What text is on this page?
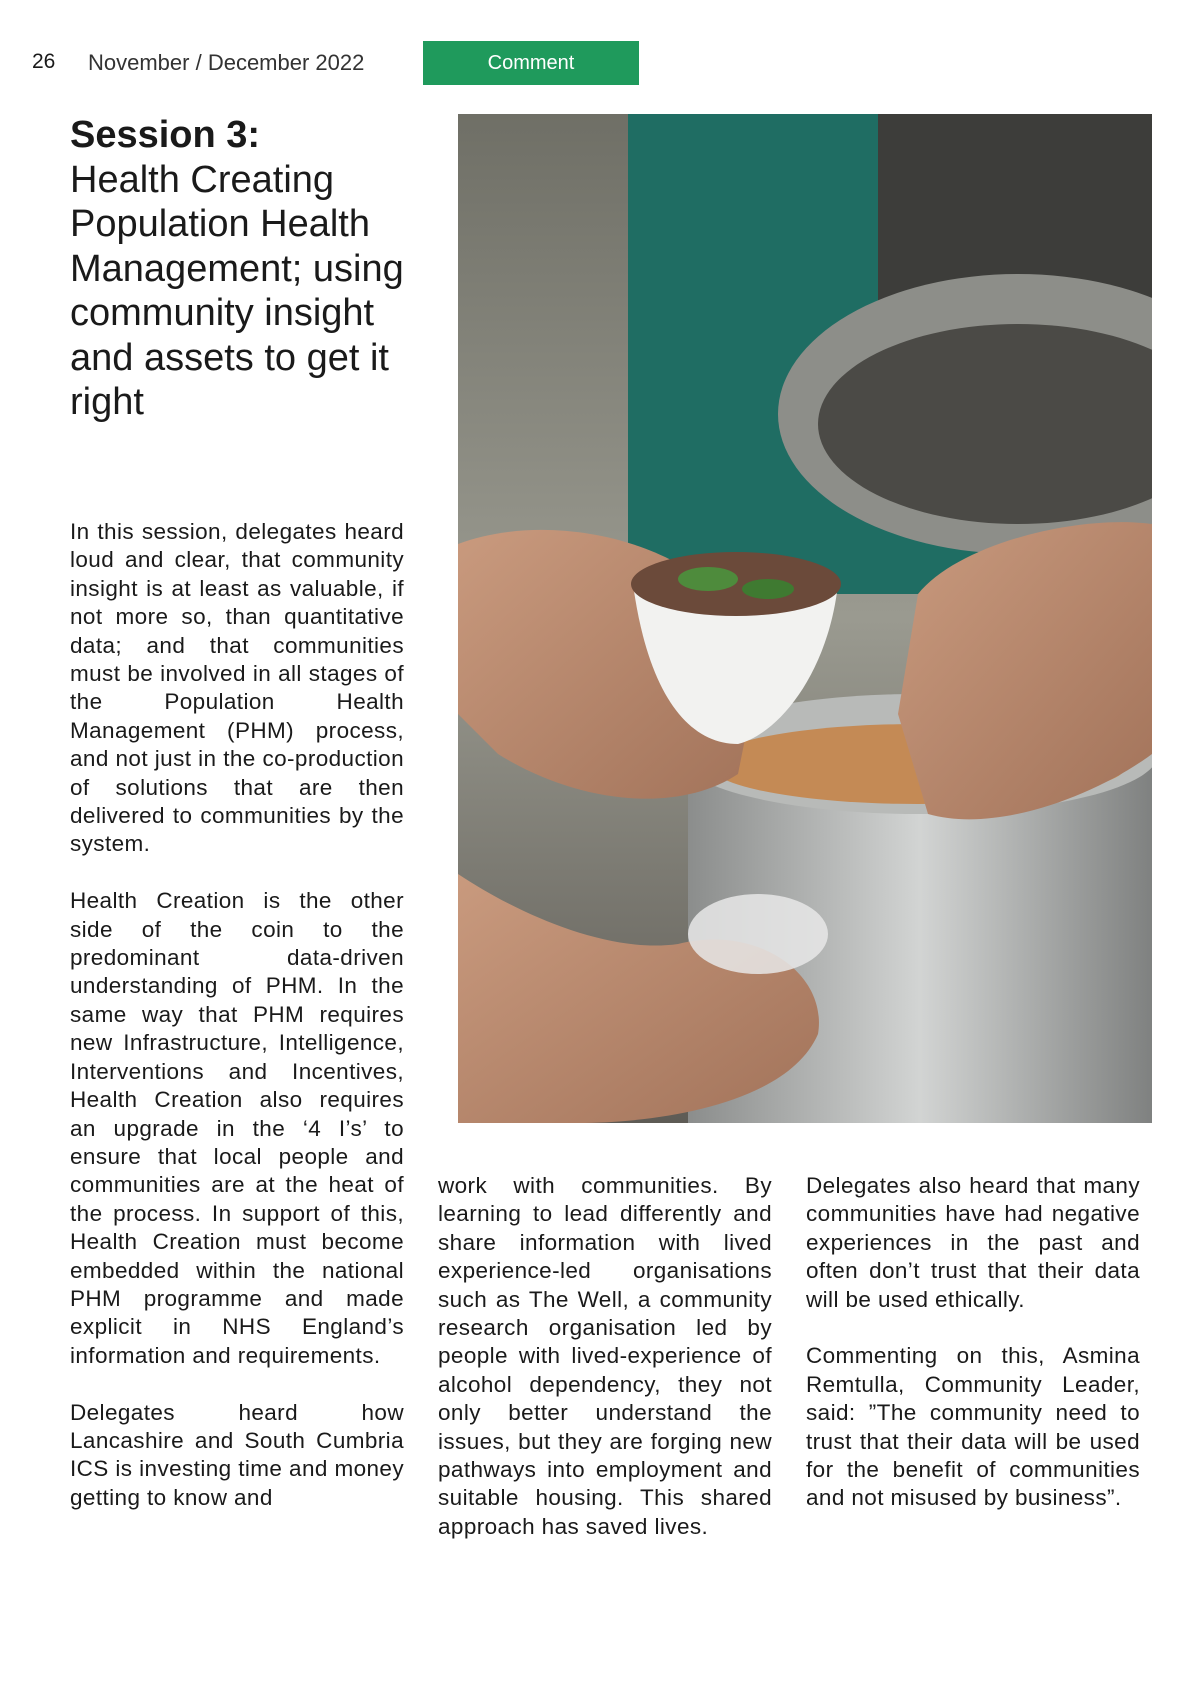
26 November / December 2022	Comment
Session 3:
Health Creating Population Health Management; using community insight and assets to get it right

In this session, delegates heard loud and clear, that community insight is at least as valuable, if not more so, than quantitative data; and that communities must be involved in all stages of the Population Health Management (PHM) process, and not just in the co-production of solutions that are then delivered to communities by the system.

Health Creation is the other side of the coin to the predominant data-driven understanding of PHM. In the same way that PHM requires new Infrastructure, Intelligence, Interventions and Incentives, Health Creation also requires an upgrade in the ‘4 I’s’ to ensure that local people and communities are at the heat of the process. In support of this, Health Creation must become embedded within the national PHM programme and made explicit in NHS England’s information and requirements.

Delegates heard how Lancashire and South Cumbria ICS is investing time and money getting to know and

work with communities. By learning to lead differently and share information with lived experience-led organisations such as The Well, a community research organisation led by people with lived-experience of alcohol dependency, they not only better understand the issues, but they are forging new pathways into employment and suitable housing. This shared approach has saved lives.

Delegates also heard that many communities have had negative experiences in the past and often don’t trust that their data will be used ethically.

Commenting on this, Asmina Remtulla, Community Leader, said: ”The community need to trust that their data will be used for the benefit of communities and not misused by business”.
